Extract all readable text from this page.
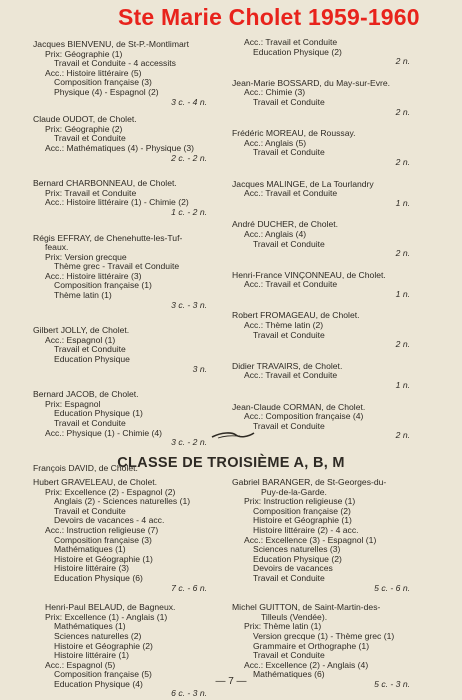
Ste Marie Cholet 1959-1960
Jacques BIENVENU, de St-P.-Montlimart
Prix: Géographie (1)
Travail et Conduite - 4 accessits
Acc.: Histoire littéraire (5)
Composition française (3)
Physique (4) - Espagnol (2)
3 c. - 4 n.
Claude OUDOT, de Cholet.
Prix: Géographie (2)
Travail et Conduite
Acc.: Mathématiques (4) - Physique (3)
2 c. - 2 n.
Bernard CHARBONNEAU, de Cholet.
Prix: Travail et Conduite
Acc.: Histoire littéraire (1) - Chimie (2)
1 c. - 2 n.
Régis EFFRAY, de Chenehutte-les-Tuf-
feaux.
Prix: Version grecque
Thème grec - Travail et Conduite
Acc.: Histoire littéraire (3)
Composition française (1)
Thème latin (1)
3 c. - 3 n.
Gilbert JOLLY, de Cholet.
Acc.: Espagnol (1)
Travail et Conduite
Education Physique
3 n.
Bernard JACOB, de Cholet.
Prix: Espagnol
Education Physique (1)
Travail et Conduite
Acc.: Physique (1) - Chimie (4)
3 c. - 2 n.
François DAVID, de Cholet.
Acc.: Travail et Conduite
Education Physique (2)
2 n.
Jean-Marie BOSSARD, du May-sur-Evre.
Acc.: Chimie (3)
Travail et Conduite
2 n.
Frédéric MOREAU, de Roussay.
Acc.: Anglais (5)
Travail et Conduite
2 n.
Jacques MALINGE, de La Tourlandry
Acc.: Travail et Conduite
1 n.
André DUCHER, de Cholet.
Acc.: Anglais (4)
Travail et Conduite
2 n.
Henri-France VINÇONNEAU, de Cholet.
Acc.: Travail et Conduite
1 n.
Robert FROMAGEAU, de Cholet.
Acc.: Thème latin (2)
Travail et Conduite
2 n.
Didier TRAVAIRS, de Cholet.
Acc.: Travail et Conduite
1 n.
Jean-Claude CORMAN, de Cholet.
Acc.: Composition française (4)
Travail et Conduite
2 n.
CLASSE DE TROISIÈME A, B, M
Hubert GRAVELEAU, de Cholet.
Prix: Excellence (2) - Espagnol (2)
Anglais (2) - Sciences naturelles (1)
Travail et Conduite
Devoirs de vacances - 4 acc.
Acc.: Instruction religieuse (7)
Composition française (3)
Mathématiques (1)
Histoire et Géographie (1)
Histoire littéraire (3)
Education Physique (6)
7 c. - 6 n.
Henri-Paul BELAUD, de Bagneux.
Prix: Excellence (1) - Anglais (1)
Mathématiques (1)
Sciences naturelles (2)
Histoire et Géographie (2)
Histoire littéraire (1)
Acc.: Espagnol (5)
Composition française (5)
Education Physique (4)
6 c. - 3 n.
Gabriel BARANGER, de St-Georges-du-
Puy-de-la-Garde.
Prix: Instruction religieuse (1)
Composition française (2)
Histoire et Géographie (1)
Histoire littéraire (2) - 4 acc.
Acc.: Excellence (3) - Espagnol (1)
Sciences naturelles (3)
Education Physique (2)
Devoirs de vacances
Travail et Conduite
5 c. - 6 n.
Michel GUITTON, de Saint-Martin-des-
Tilleuls (Vendée).
Prix: Thème latin (1)
Version grecque (1) - Thème grec (1)
Grammaire et Orthographe (1)
Travail et Conduite
Acc.: Excellence (2) - Anglais (4)
Mathématiques (6)
5 c. - 3 n.
— 7 —
